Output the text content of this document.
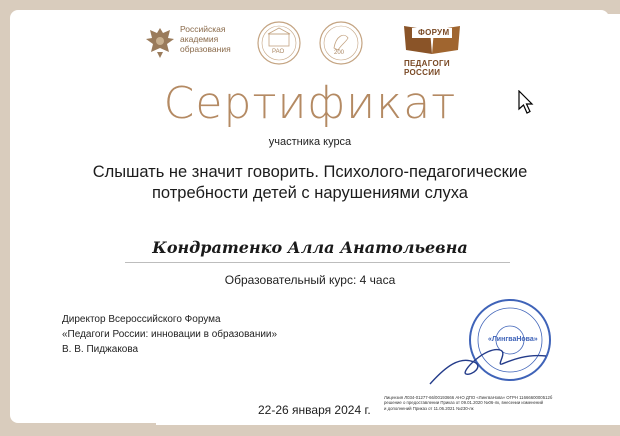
Российская
академия
образования	РАО	200
ФОРУМ
ПЕДАГОГИ РОССИИ
Сертификат
участника курса
Слышать не значит говорить. Психолого-педагогические
потребности детей с нарушениями слуха
Кондратенко Алла Анатольевна
Образовательный курс: 4 часа
Директор Всероссийского Форума
«Педагоги России: инновации в образовании»
В. В. Пиджакова
«ЛингваНова»
Лицензия Л034-01277-66/00193666 АНО ДПО «ЛингваНова» ОГРН 1166660000512б
решение о предоставлении Приказ от 09.01.2020 №06-лк, внесении изменений
и дополнений Приказ от 11.06.2021 №230-лк
22-26 января 2024 г.
